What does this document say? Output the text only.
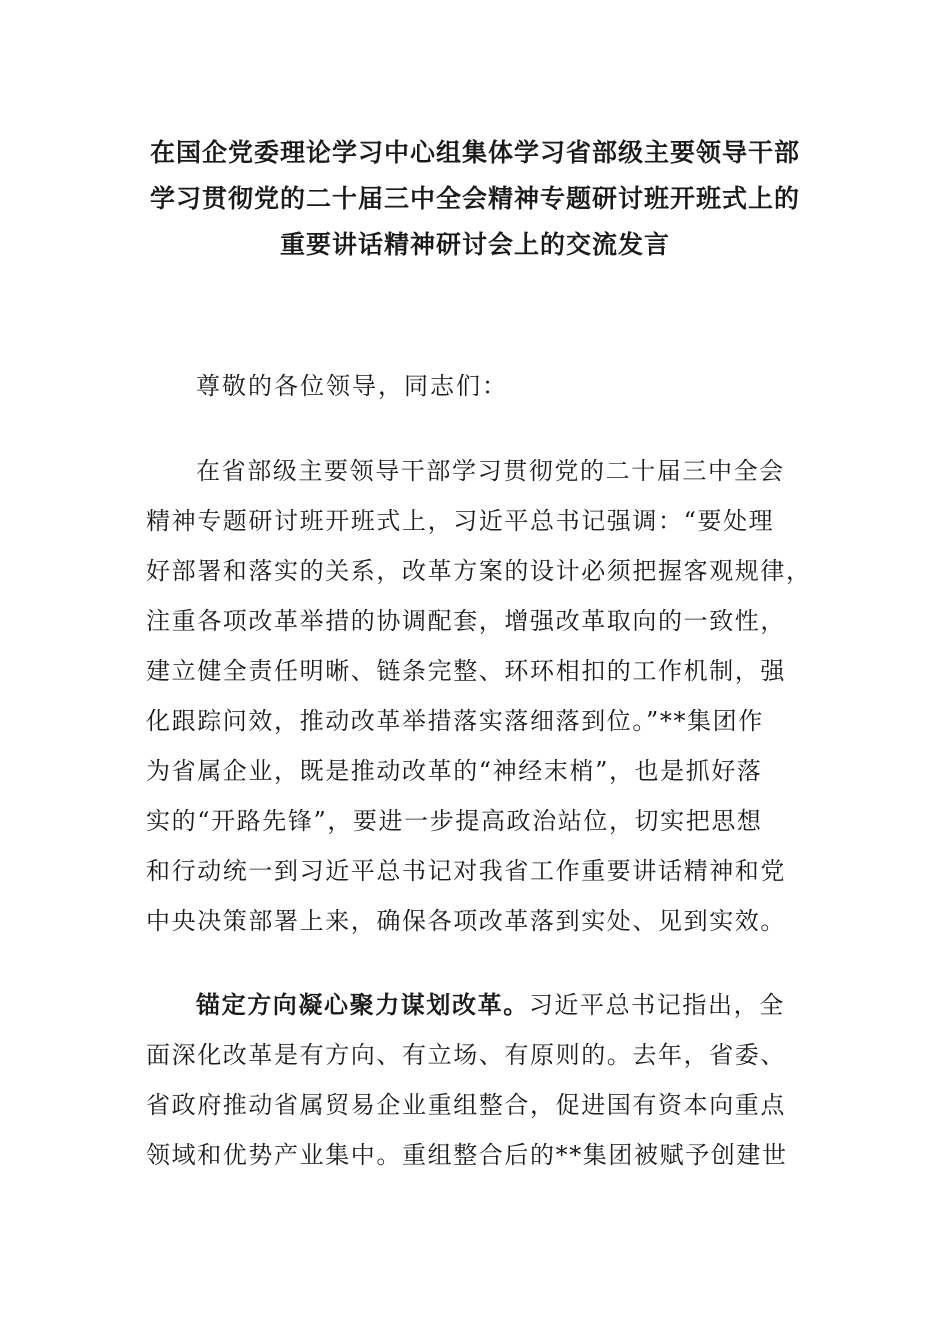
在国企党委理论学习中心组集体学习省部级主要领导干部
学习贯彻党的二十届三中全会精神专题研讨班开班式上的
重要讲话精神研讨会上的交流发言
尊敬的各位领导，同志们：
在省部级主要领导干部学习贯彻党的二十届三中全会
精神专题研讨班开班式上，习近平总书记强调：“要处理
好部署和落实的关系，改革方案的设计必须把握客观规律，
注重各项改革举措的协调配套，增强改革取向的一致性，
建立健全责任明晰、链条完整、环环相扣的工作机制，强
化跟踪问效，推动改革举措落实落细落到位。”**集团作
为省属企业，既是推动改革的“神经末梢”，也是抓好落
实的“开路先锋”，要进一步提高政治站位，切实把思想
和行动统一到习近平总书记对我省工作重要讲话精神和党
中央决策部署上来，确保各项改革落到实处、见到实效。
锚定方向凝心聚力谋划改革。习近平总书记指出，全
面深化改革是有方向、有立场、有原则的。去年，省委、
省政府推动省属贸易企业重组整合，促进国有资本向重点
领域和优势产业集中。重组整合后的**集团被赋予创建世
